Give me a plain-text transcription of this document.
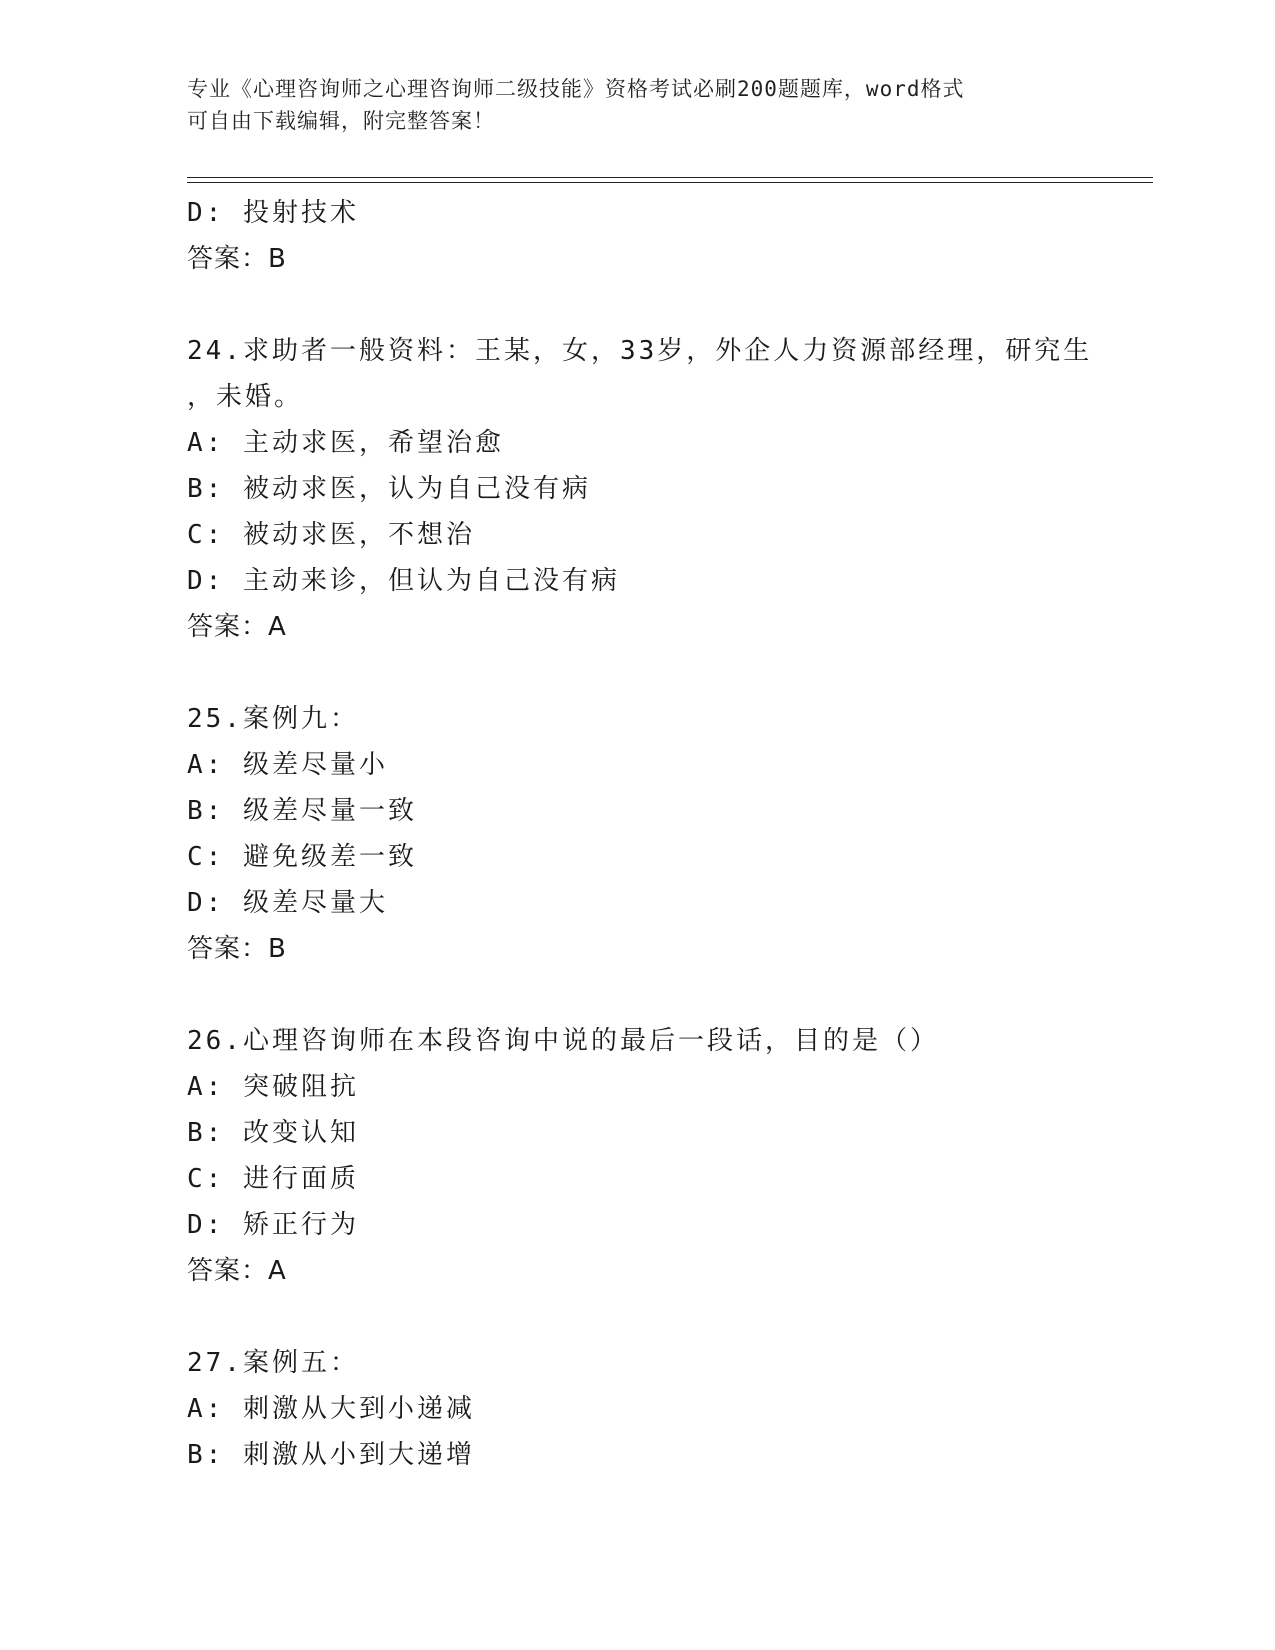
专业《心理咨询师之心理咨询师二级技能》资格考试必刷200题题库，word格式
可自由下载编辑，附完整答案！
D: 投射技术
答案：B
24.求助者一般资料：王某，女，33岁，外企人力资源部经理，研究生
，未婚。
A: 主动求医，希望治愈
B: 被动求医，认为自己没有病
C: 被动求医，不想治
D: 主动来诊，但认为自己没有病
答案：A
25.案例九：
A: 级差尽量小
B: 级差尽量一致
C: 避免级差一致
D: 级差尽量大
答案：B
26.心理咨询师在本段咨询中说的最后一段话，目的是（）
A: 突破阻抗
B: 改变认知
C: 进行面质
D: 矫正行为
答案：A
27.案例五：
A: 刺激从大到小递减
B: 刺激从小到大递增
